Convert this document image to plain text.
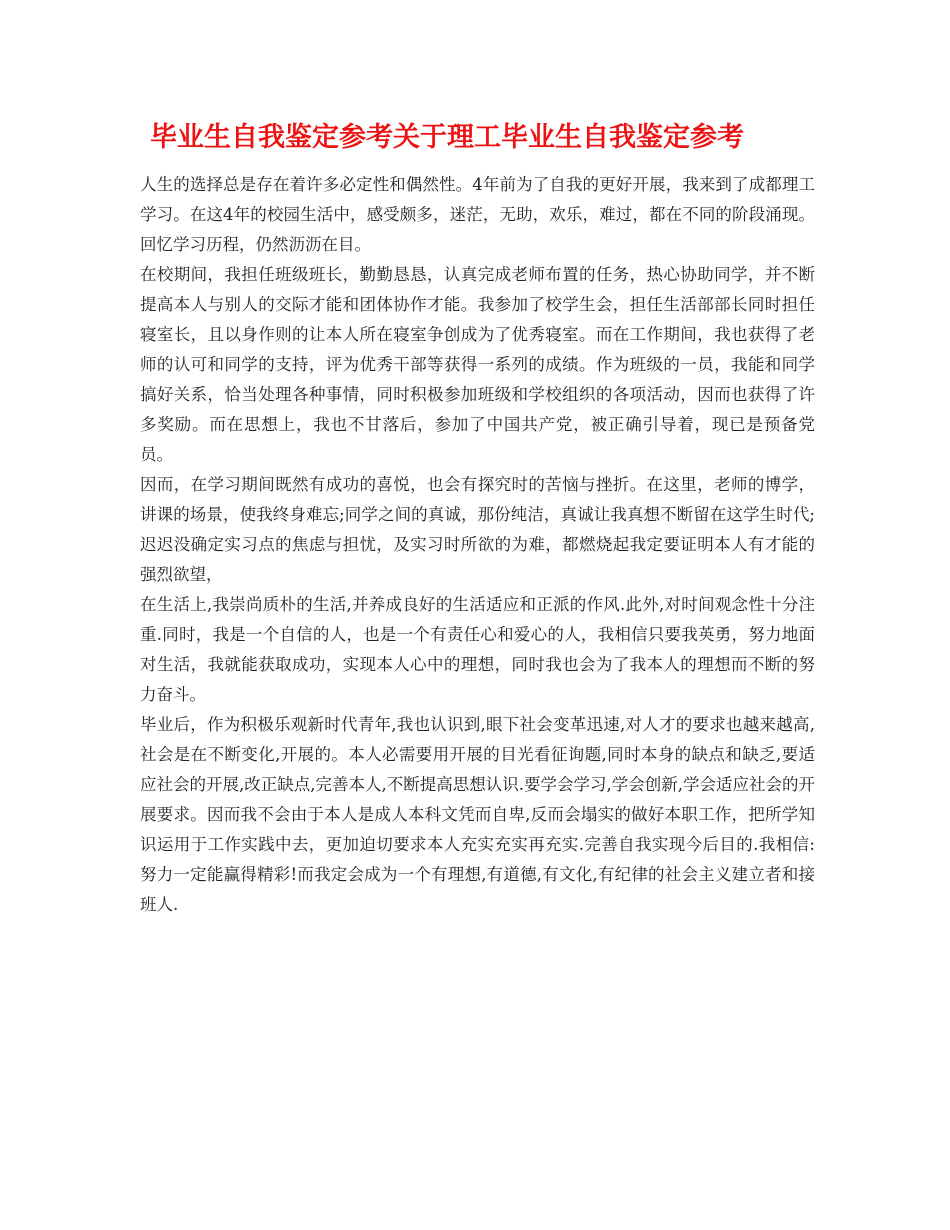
毕业生自我鉴定参考关于理工毕业生自我鉴定参考

人生的选择总是存在着许多必定性和偶然性。4年前为了自我的更好开展，我来到了成都理工学习。在这4年的校园生活中，感受颇多，迷茫，无助，欢乐，难过，都在不同的阶段涌现。回忆学习历程，仍然沥沥在目。

在校期间，我担任班级班长，勤勤恳恳，认真完成老师布置的任务，热心协助同学，并不断提高本人与别人的交际才能和团体协作才能。我参加了校学生会，担任生活部部长同时担任寝室长，且以身作则的让本人所在寝室争创成为了优秀寝室。而在工作期间，我也获得了老师的认可和同学的支持，评为优秀干部等获得一系列的成绩。作为班级的一员，我能和同学搞好关系，恰当处理各种事情，同时积极参加班级和学校组织的各项活动，因而也获得了许多奖励。而在思想上，我也不甘落后，参加了中国共产党，被正确引导着，现已是预备党员。

因而，在学习期间既然有成功的喜悦，也会有探究时的苦恼与挫折。在这里，老师的博学，讲课的场景，使我终身难忘;同学之间的真诚，那份纯洁，真诚让我真想不断留在这学生时代;迟迟没确定实习点的焦虑与担忧，及实习时所欲的为难，都燃烧起我定要证明本人有才能的强烈欲望，

在生活上,我崇尚质朴的生活,并养成良好的生活适应和正派的作风.此外,对时间观念性十分注重.同时，我是一个自信的人，也是一个有责任心和爱心的人，我相信只要我英勇，努力地面对生活，我就能获取成功，实现本人心中的理想，同时我也会为了我本人的理想而不断的努力奋斗。

毕业后，作为积极乐观新时代青年,我也认识到,眼下社会变革迅速,对人才的要求也越来越高,社会是在不断变化,开展的。本人必需要用开展的目光看征询题,同时本身的缺点和缺乏,要适应社会的开展,改正缺点,完善本人,不断提高思想认识.要学会学习,学会创新,学会适应社会的开展要求。因而我不会由于本人是成人本科文凭而自卑,反而会塌实的做好本职工作，把所学知识运用于工作实践中去，更加迫切要求本人充实充实再充实.完善自我实现今后目的.我相信:努力一定能赢得精彩!而我定会成为一个有理想,有道德,有文化,有纪律的社会主义建立者和接班人.
